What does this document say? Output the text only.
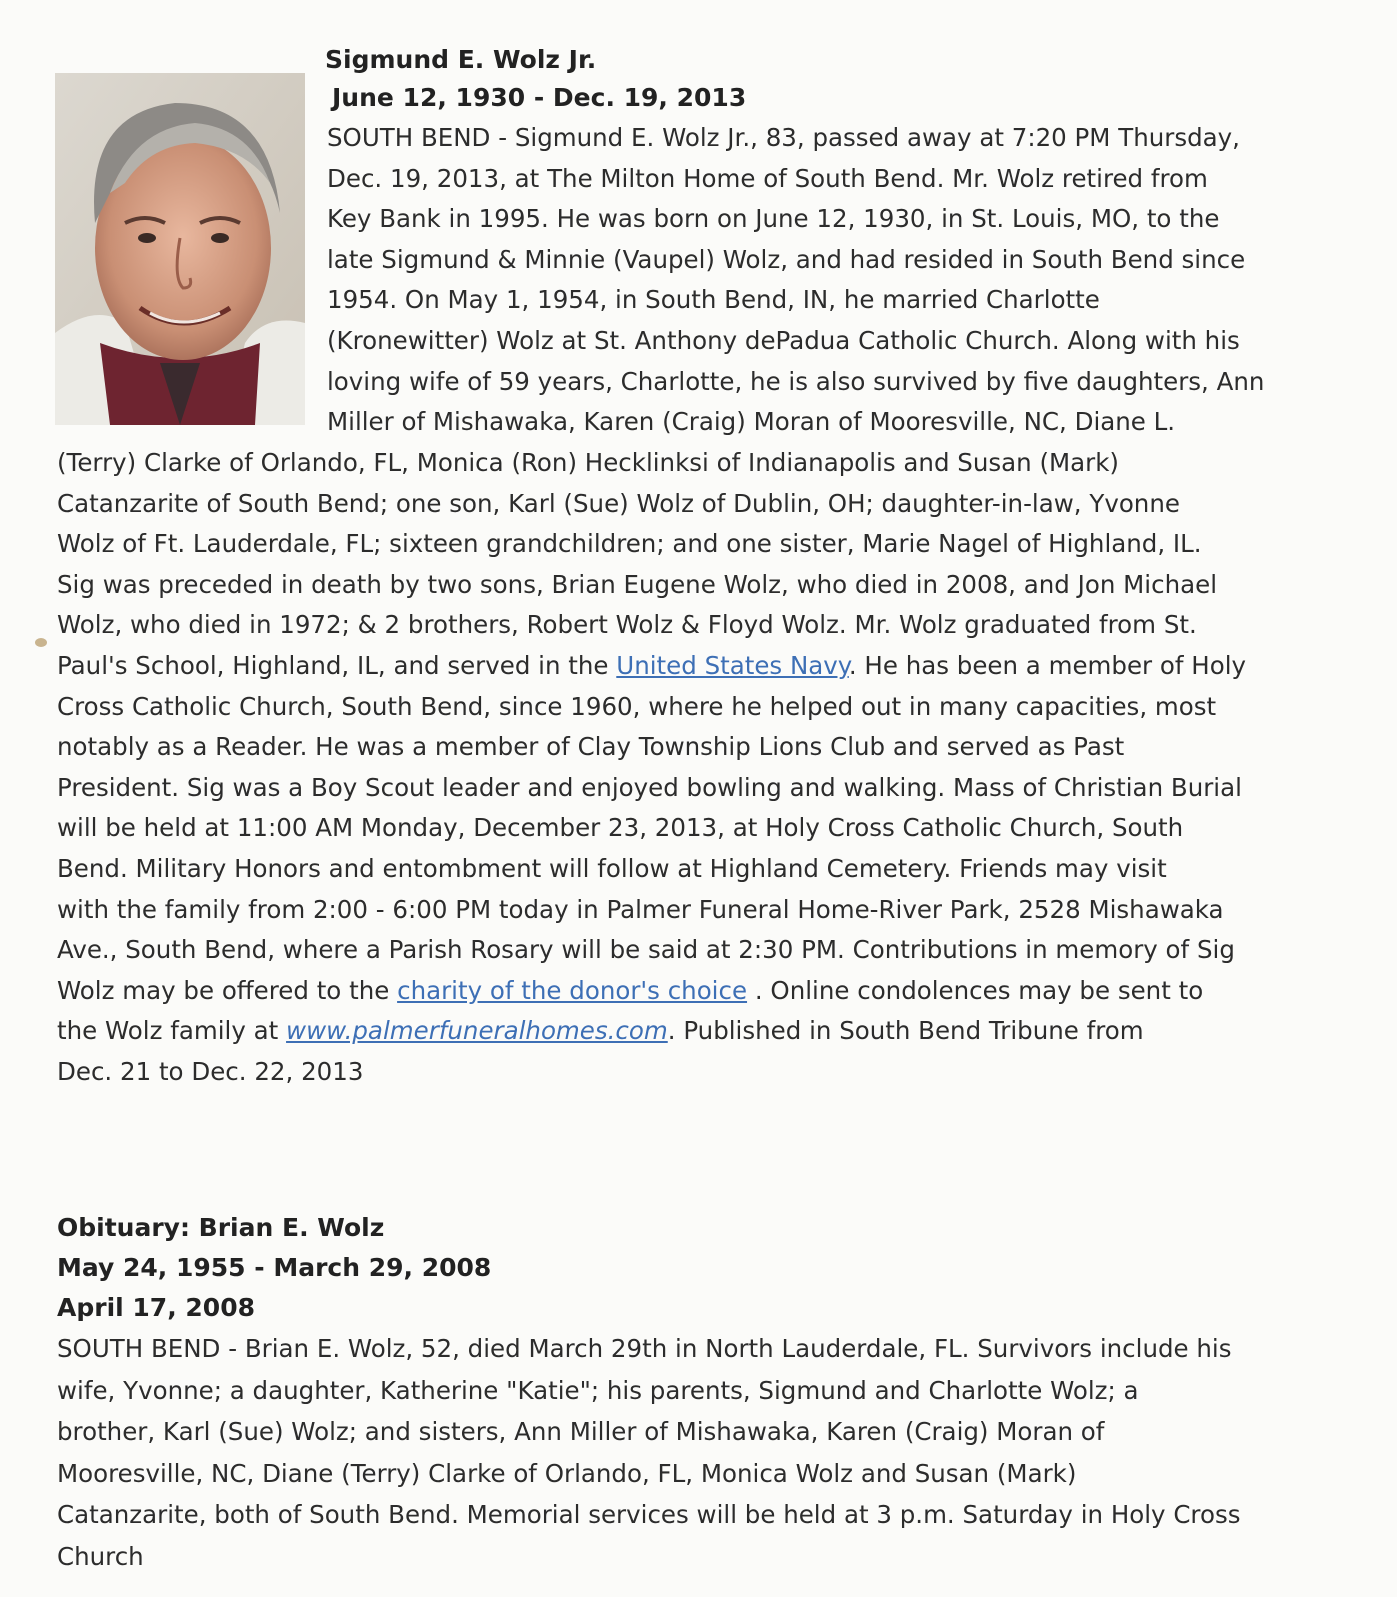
Sigmund E. Wolz Jr.
June 12, 1930 - Dec. 19, 2013
SOUTH BEND - Sigmund E. Wolz Jr., 83, passed away at 7:20 PM Thursday,
Dec. 19, 2013, at The Milton Home of South Bend. Mr. Wolz retired from
Key Bank in 1995. He was born on June 12, 1930, in St. Louis, MO, to the
late Sigmund & Minnie (Vaupel) Wolz, and had resided in South Bend since
1954. On May 1, 1954, in South Bend, IN, he married Charlotte
(Kronewitter) Wolz at St. Anthony dePadua Catholic Church. Along with his
loving wife of 59 years, Charlotte, he is also survived by five daughters, Ann
Miller of Mishawaka, Karen (Craig) Moran of Mooresville, NC, Diane L.
(Terry) Clarke of Orlando, FL, Monica (Ron) Hecklinksi of Indianapolis and Susan (Mark)
Catanzarite of South Bend; one son, Karl (Sue) Wolz of Dublin, OH; daughter-in-law, Yvonne
Wolz of Ft. Lauderdale, FL; sixteen grandchildren; and one sister, Marie Nagel of Highland, IL.
Sig was preceded in death by two sons, Brian Eugene Wolz, who died in 2008, and Jon Michael
Wolz, who died in 1972; & 2 brothers, Robert Wolz & Floyd Wolz. Mr. Wolz graduated from St.
Paul's School, Highland, IL, and served in the United States Navy. He has been a member of Holy
Cross Catholic Church, South Bend, since 1960, where he helped out in many capacities, most
notably as a Reader. He was a member of Clay Township Lions Club and served as Past
President. Sig was a Boy Scout leader and enjoyed bowling and walking. Mass of Christian Burial
will be held at 11:00 AM Monday, December 23, 2013, at Holy Cross Catholic Church, South
Bend. Military Honors and entombment will follow at Highland Cemetery. Friends may visit
with the family from 2:00 - 6:00 PM today in Palmer Funeral Home-River Park, 2528 Mishawaka
Ave., South Bend, where a Parish Rosary will be said at 2:30 PM. Contributions in memory of Sig
Wolz may be offered to the charity of the donor's choice . Online condolences may be sent to
the Wolz family at www.palmerfuneralhomes.com. Published in South Bend Tribune from
Dec. 21 to Dec. 22, 2013
Obituary: Brian E. Wolz
May 24, 1955 - March 29, 2008
April 17, 2008
SOUTH BEND - Brian E. Wolz, 52, died March 29th in North Lauderdale, FL. Survivors include his
wife, Yvonne; a daughter, Katherine "Katie"; his parents, Sigmund and Charlotte Wolz; a
brother, Karl (Sue) Wolz; and sisters, Ann Miller of Mishawaka, Karen (Craig) Moran of
Mooresville, NC, Diane (Terry) Clarke of Orlando, FL, Monica Wolz and Susan (Mark)
Catanzarite, both of South Bend. Memorial services will be held at 3 p.m. Saturday in Holy Cross
Church
